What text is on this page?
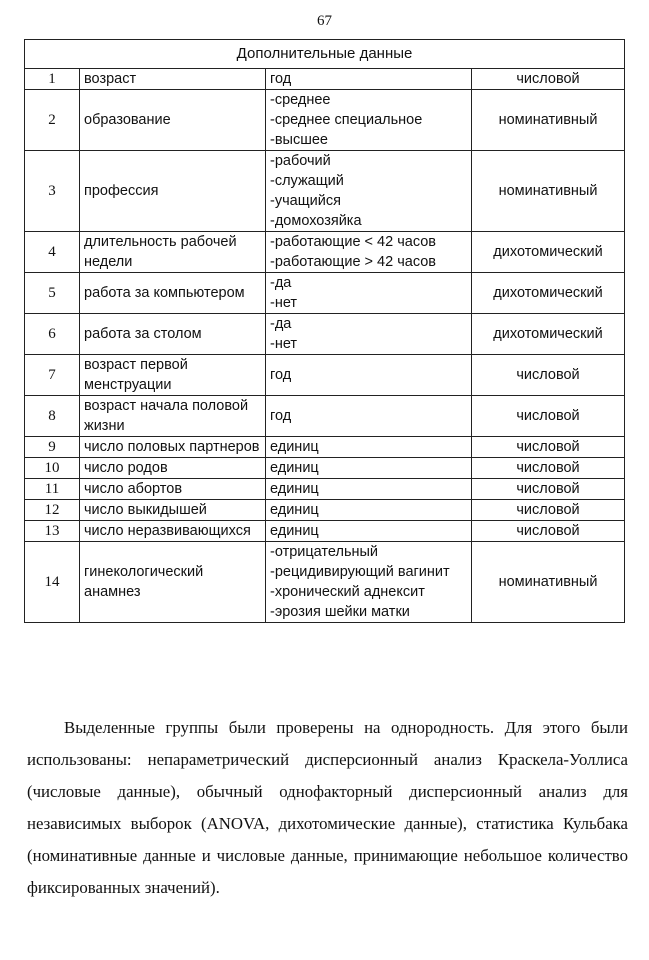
67
Дополнительные данные			
1	возраст	год	числовой
2	образование	-среднее
-среднее специальное
-высшее	номинативный
3	профессия	-рабочий
-служащий
-учащийся
-домохозяйка	номинативный
4	длительность рабочей недели	-работающие < 42 часов
-работающие > 42 часов	дихотомический
5	работа за компьютером	-да
-нет	дихотомический
6	работа за столом	-да
-нет	дихотомический
7	возраст первой менструации	год	числовой
8	возраст начала половой жизни	год	числовой
9	число половых партнеров	единиц	числовой
10	число родов	единиц	числовой
11	число абортов	единиц	числовой
12	число выкидышей	единиц	числовой
13	число неразвивающихся	единиц	числовой
14	гинекологический анамнез	-отрицательный
-рецидивирующий вагинит
-хронический аднексит
-эрозия шейки матки	номинативный

Выделенные группы были проверены на однородность. Для этого были использованы: непараметрический дисперсионный анализ Краскела-Уоллиса (числовые данные), обычный однофакторный дисперсионный анализ для независимых выборок (ANOVA, дихотомические данные), статистика Кульбака (номинативные данные и числовые данные, принимающие небольшое количество фиксированных значений).
